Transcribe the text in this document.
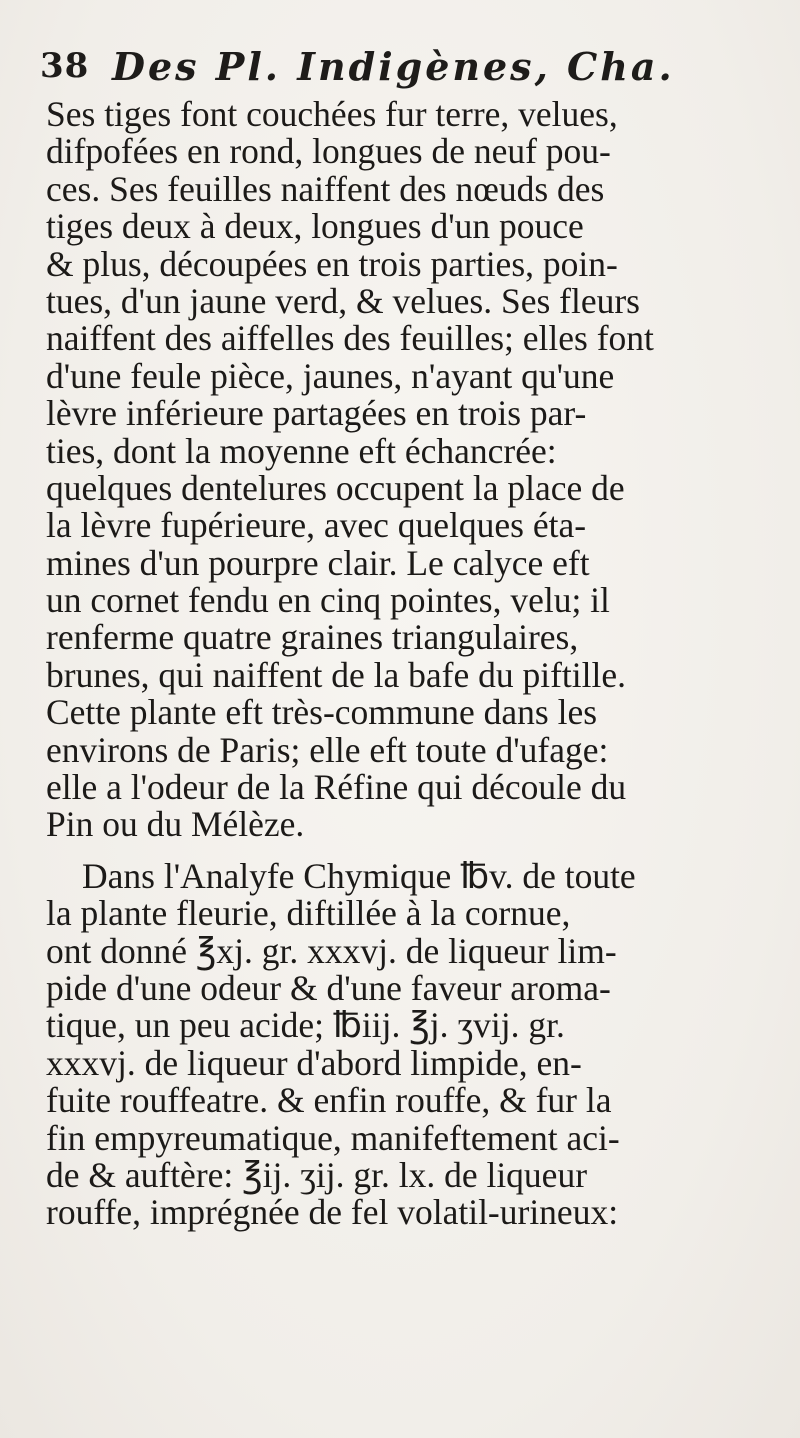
38 Des Pl. Indigènes, Cha.
Ses tiges font couchées fur terre, velues,
difpofées en rond, longues de neuf pou-
ces. Ses feuilles naiffent des nœuds des
tiges deux à deux, longues d'un pouce
& plus, découpées en trois parties, poin-
tues, d'un jaune verd, & velues. Ses fleurs
naiffent des aiffelles des feuilles; elles font
d'une feule pièce, jaunes, n'ayant qu'une
lèvre inférieure partagées en trois par-
ties, dont la moyenne eft échancrée:
quelques dentelures occupent la place de
la lèvre fupérieure, avec quelques éta-
mines d'un pourpre clair. Le calyce eft
un cornet fendu en cinq pointes, velu; il
renferme quatre graines triangulaires,
brunes, qui naiffent de la bafe du piftille.
Cette plante eft très-commune dans les
environs de Paris; elle eft toute d'ufage:
elle a l'odeur de la Réfine qui découle du
Pin ou du Mélèze.
Dans l'Analyfe Chymique ℔v. de toute
la plante fleurie, diftillée à la cornue,
ont donné ℥xj. gr. xxxvj. de liqueur lim-
pide d'une odeur & d'une faveur aroma-
tique, un peu acide; ℔iij. ℥j. ʒvij. gr.
xxxvj. de liqueur d'abord limpide, en-
fuite rouffeatre. & enfin rouffe, & fur la
fin empyreumatique, manifeftement aci-
de & auftère: ℥ij. ʒij. gr. lx. de liqueur
rouffe, imprégnée de fel volatil-urineux:
